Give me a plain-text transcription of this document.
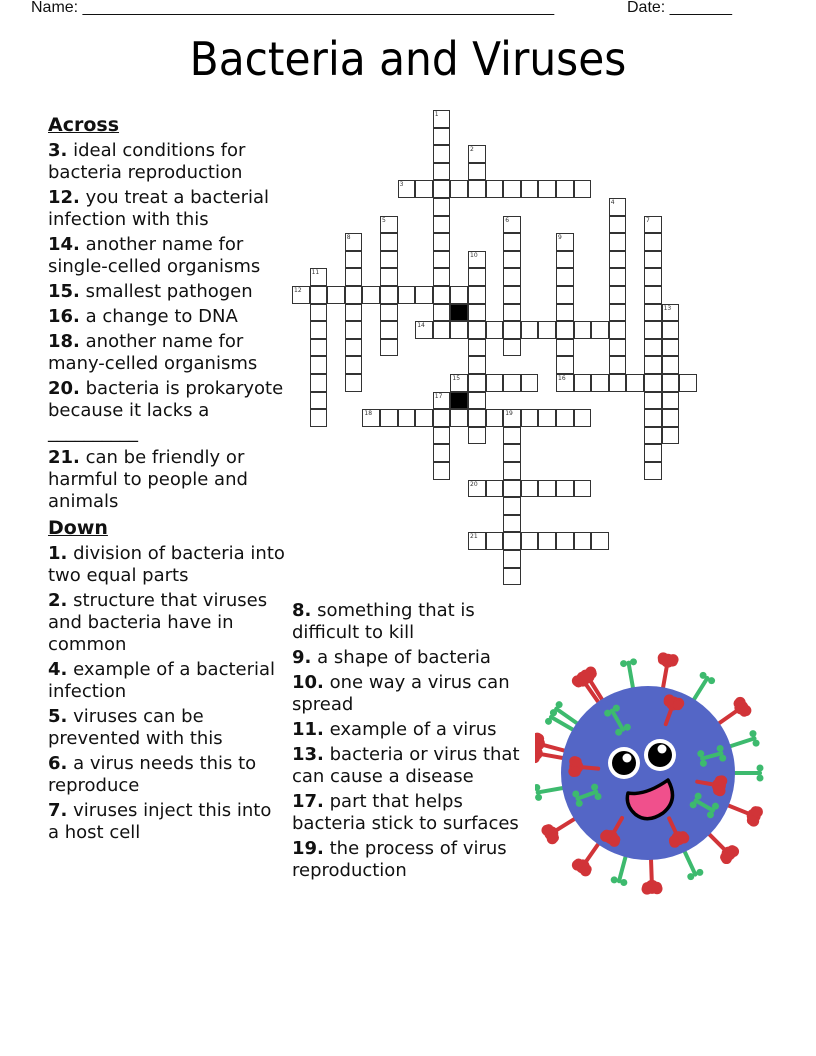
Name: _____________________________________________________	Date: _______
Bacteria and Viruses
Across
3. ideal conditions for bacteria reproduction
12. you treat a bacterial infection with this
14. another name for single-celled organisms
15. smallest pathogen
16. a change to DNA
18. another name for many-celled organisms
20. bacteria is prokaryote because it lacks a __________
21. can be friendly or harmful to people and animals
Down
1. division of bacteria into two equal parts
2. structure that viruses and bacteria have in common
4. example of a bacterial infection
5. viruses can be prevented with this
6. a virus needs this to reproduce
7. viruses inject this into a host cell
8. something that is difficult to kill
9. a shape of bacteria
10. one way a virus can spread
11. example of a virus
13. bacteria or virus that can cause a disease
17. part that helps bacteria stick to surfaces
19. the process of virus reproduction
3
12
14
15	16
18	19
20
21
1
2
4
5	6	7
8	9
10
11
13
17
